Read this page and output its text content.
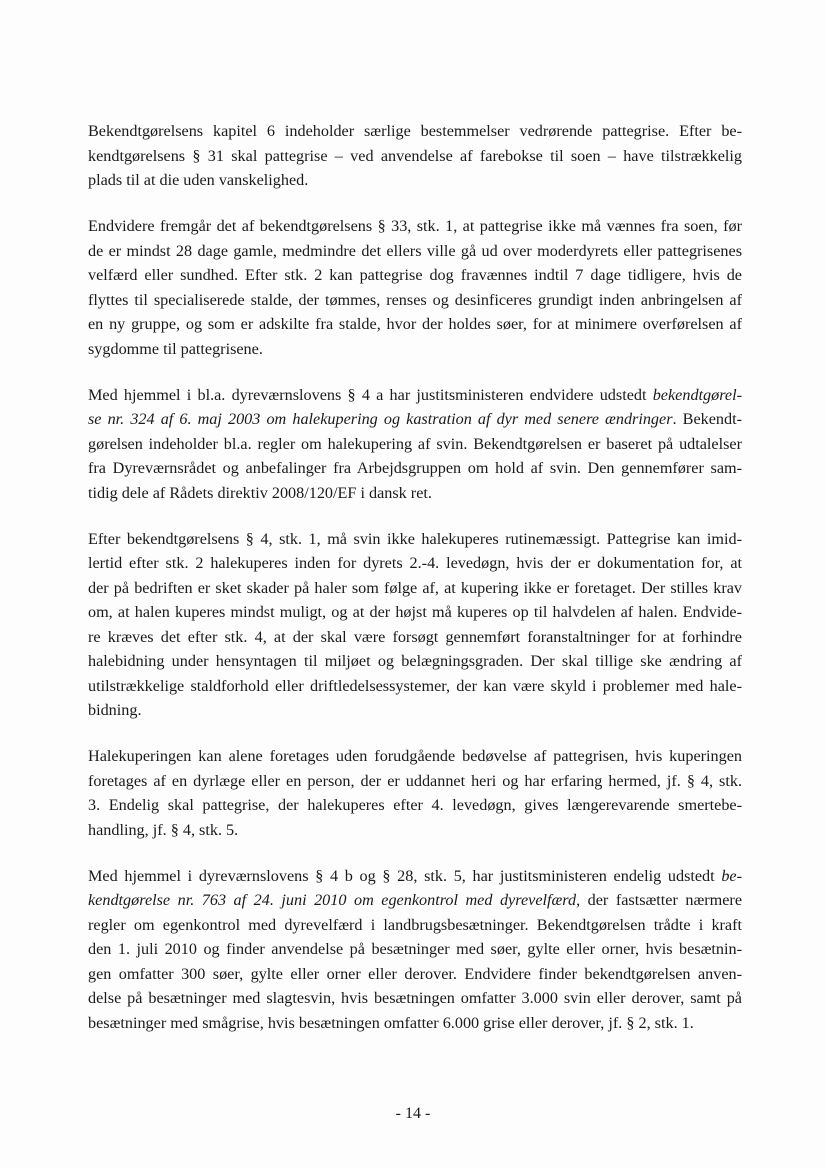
Bekendtgørelsens kapitel 6 indeholder særlige bestemmelser vedrørende pattegrise. Efter be-
kendtgørelsens § 31 skal pattegrise – ved anvendelse af farebokse til soen – have tilstrækkelig
plads til at die uden vanskelighed.
Endvidere fremgår det af bekendtgørelsens § 33, stk. 1, at pattegrise ikke må vænnes fra soen, før
de er mindst 28 dage gamle, medmindre det ellers ville gå ud over moderdyrets eller pattegrisenes
velfærd eller sundhed. Efter stk. 2 kan pattegrise dog fravænnes indtil 7 dage tidligere, hvis de
flyttes til specialiserede stalde, der tømmes, renses og desinficeres grundigt inden anbringelsen af
en ny gruppe, og som er adskilte fra stalde, hvor der holdes søer, for at minimere overførelsen af
sygdomme til pattegrisene.
Med hjemmel i bl.a. dyreværnslovens § 4 a har justitsministeren endvidere udstedt bekendtgørel-
se nr. 324 af 6. maj 2003 om halekupering og kastration af dyr med senere ændringer. Bekendt-
gørelsen indeholder bl.a. regler om halekupering af svin. Bekendtgørelsen er baseret på udtalelser
fra Dyreværnsrådet og anbefalinger fra Arbejdsgruppen om hold af svin. Den gennemfører sam-
tidig dele af Rådets direktiv 2008/120/EF i dansk ret.
Efter bekendtgørelsens § 4, stk. 1, må svin ikke halekuperes rutinemæssigt. Pattegrise kan imid-
lertid efter stk. 2 halekuperes inden for dyrets 2.-4. levedøgn, hvis der er dokumentation for, at
der på bedriften er sket skader på haler som følge af, at kupering ikke er foretaget. Der stilles krav
om, at halen kuperes mindst muligt, og at der højst må kuperes op til halvdelen af halen. Endvide-
re kræves det efter stk. 4, at der skal være forsøgt gennemført foranstaltninger for at forhindre
halebidning under hensyntagen til miljøet og belægningsgraden. Der skal tillige ske ændring af
utilstrækkelige staldforhold eller driftledelsessystemer, der kan være skyld i problemer med hale-
bidning.
Halekuperingen kan alene foretages uden forudgående bedøvelse af pattegrisen, hvis kuperingen
foretages af en dyrlæge eller en person, der er uddannet heri og har erfaring hermed, jf. § 4, stk.
3. Endelig skal pattegrise, der halekuperes efter 4. levedøgn, gives længerevarende smertebe-
handling, jf. § 4, stk. 5.
Med hjemmel i dyreværnslovens § 4 b og § 28, stk. 5, har justitsministeren endelig udstedt be-
kendtgørelse nr. 763 af 24. juni 2010 om egenkontrol med dyrevelfærd, der fastsætter nærmere
regler om egenkontrol med dyrevelfærd i landbrugsbesætninger. Bekendtgørelsen trådte i kraft
den 1. juli 2010 og finder anvendelse på besætninger med søer, gylte eller orner, hvis besætnin-
gen omfatter 300 søer, gylte eller orner eller derover. Endvidere finder bekendtgørelsen anven-
delse på besætninger med slagtesvin, hvis besætningen omfatter 3.000 svin eller derover, samt på
besætninger med smågrise, hvis besætningen omfatter 6.000 grise eller derover, jf. § 2, stk. 1.
- 14 -
